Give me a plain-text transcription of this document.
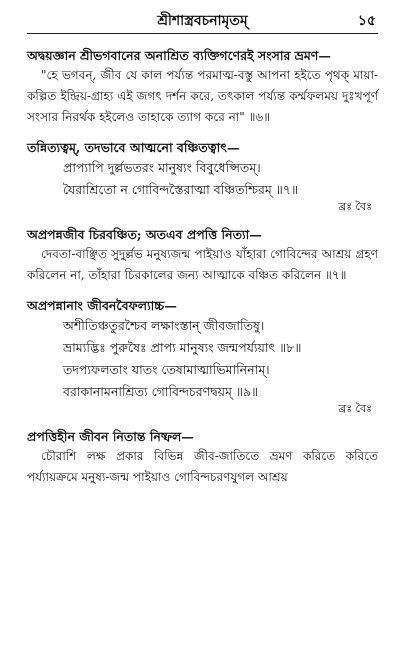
শ্রীশাস্ত্রবচনামৃতম্	১৫
অদ্বয়জ্ঞান শ্রীভগবানের অনাশ্রিত ব্যক্তিগণেরই সংসার ভ্রমণ—

"হে ভগবন্‌, জীব যে কাল পর্য্যন্ত পরমাত্ম-বস্তু আপনা হইতে পৃথক্‌ মায়া-কল্পিত ইন্দ্রিয়-গ্রাহ্য এই জগৎ দর্শন করে, তৎকাল পর্য্যন্ত কর্ম্মফলময় দুঃখপূর্ণ সংসার নিরর্থক হইলেও তাহাকে ত্যাগ করে না" ॥৬॥

তন্নিত্যত্বম্‌, তদভাবে আত্মনো বঞ্চিতত্বাৎ—

প্রাপ্যাপি দুর্ল্লভতরং মানুষ্যং বিবুধেপ্সিতম্‌।

যৈরাশ্রিতো ন গোবিন্দস্তৈরাত্মা বঞ্চিতশ্চিরম্‌ ॥৭॥

ব্রঃ বৈঃ
অপ্রপন্নজীব চিরবঞ্চিত; অতএব প্রপত্তি নিত্যা—

দেবতা-বাঞ্ছিত সুদুর্ল্লভ মনুষ্যজন্ম পাইয়াও যাঁহারা গোবিন্দের আশ্রয় গ্রহণ করিলেন না, তাঁহারা চিরকালের জন্য আত্মাকে বঞ্চিত করিলেন ॥৭॥

অপ্রপন্নানাং জীবনবৈফল্যাচ্চ—

অশীতিঞ্চতুরশ্চৈব লক্ষাংস্তান্‌ জীবজাতিষু।

ভ্রাম্যদ্ভিঃ পুরুষৈঃ প্রাপ্য মানুষ্যং জন্মপর্য্যয়াৎ ॥৮॥

তদপ্যফলতাং যাতং তেষামাত্মাভিমানিনাম্‌।

বরাকানামনাশ্রিত্য গোবিন্দচরণদ্বয়ম্‌ ॥৯॥

ব্রঃ বৈঃ
প্রপত্তিহীন জীবন নিতান্ত নিষ্ফল—

চৌরাশি লক্ষ প্রকার বিভিন্ন জীব-জাতিতে ভ্রমণ করিতে করিতে পর্য্যায়ক্রমে মনুষ্য-জন্ম পাইয়াও গোবিন্দচরণযুগল আশ্রয়
